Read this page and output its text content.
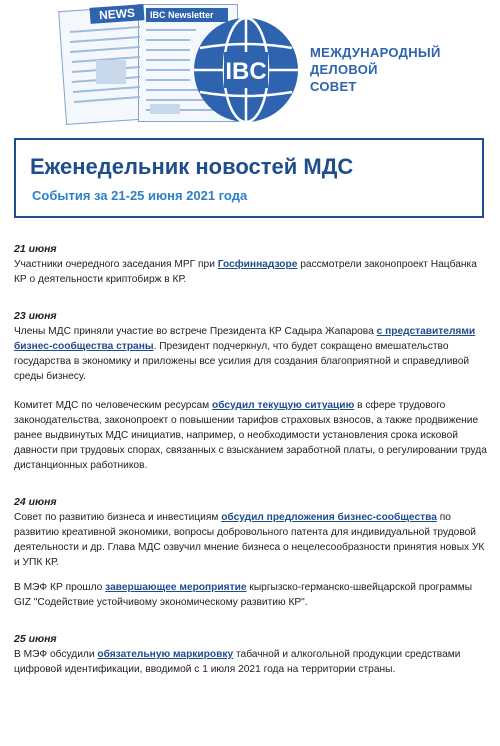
NEWS	IBC Newsletter
IBC
МЕЖДУНАРОДНЫЙ
ДЕЛОВОЙ
СОВЕТ
Еженедельник новостей МДС
События за 21-25 июня 2021 года

21 июня

Участники очередного заседания МРГ при Госфиннадзоре рассмотрели законопроект Нацбанка КР о деятельности криптобирж в КР.

23 июня

Члены МДС приняли участие во встрече Президента КР Садыра Жапарова с представителями бизнес-сообщества страны. Президент подчеркнул, что будет сокращено вмешательство государства в экономику и приложены все усилия для создания благоприятной и справедливой среды бизнесу.

Комитет МДС по человеческим ресурсам обсудил текущую ситуацию в сфере трудового законодательства, законопроект о повышении тарифов страховых взносов, а также продвижение ранее выдвинутых МДС инициатив, например, о необходимости установления срока исковой давности при трудовых спорах, связанных с взысканием заработной платы, о регулировании труда дистанционных работников.

24 июня

Совет по развитию бизнеса и инвестициям обсудил предложения бизнес-сообщества по развитию креативной экономики, вопросы добровольного патента для индивидуальной трудовой деятельности и др. Глава МДС озвучил мнение бизнеса о нецелесообразности принятия новых УК и УПК КР.

В МЭФ КР прошло завершающее мероприятие кыргызско-германско-швейцарской программы GIZ "Содействие устойчивому экономическому развитию КР".

25 июня

В МЭФ обсудили обязательную маркировку табачной и алкогольной продукции средствами цифровой идентификации, вводимой с 1 июля 2021 года на территории страны.
